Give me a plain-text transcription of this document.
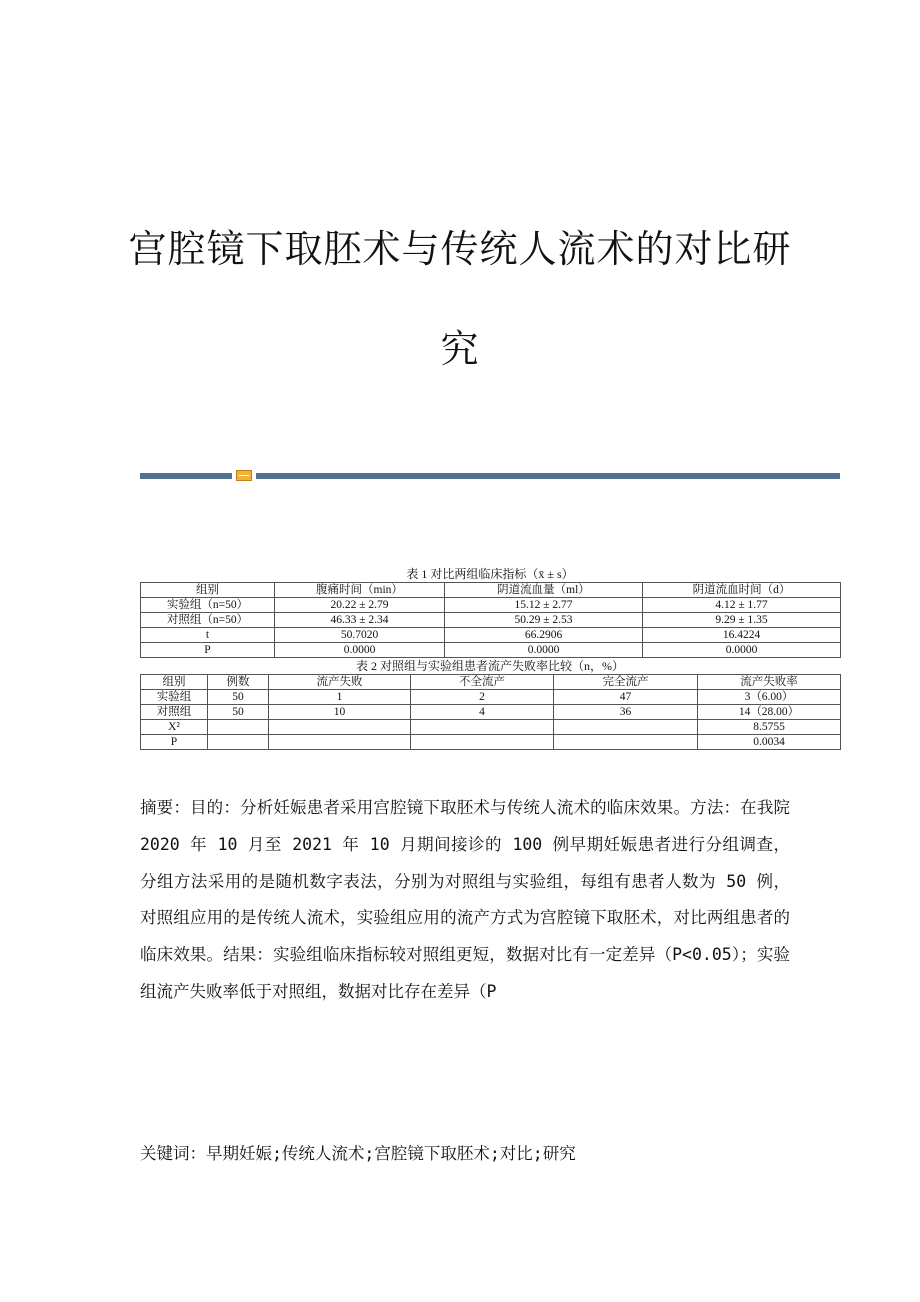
宫腔镜下取胚术与传统人流术的对比研
究
表 1 对比两组临床指标（x̄ ± s）
组别	腹痛时间（min）	阴道流血量（ml）	阴道流血时间（d）
实验组（n=50）	20.22 ± 2.79	15.12 ± 2.77	4.12 ± 1.77
对照组（n=50）	46.33 ± 2.34	50.29 ± 2.53	9.29 ± 1.35
t	50.7020	66.2906	16.4224
P	0.0000	0.0000	0.0000
表 2 对照组与实验组患者流产失败率比较（n，%）
组别	例数	流产失败	不全流产	完全流产	流产失败率
实验组	50	1	2	47	3（6.00）
对照组	50	10	4	36	14（28.00）
X²					8.5755
P					0.0034
摘要：目的：分析妊娠患者采用宫腔镜下取胚术与传统人流术的临床效果。方法：在我院 2020 年 10 月至 2021 年 10 月期间接诊的 100 例早期妊娠患者进行分组调查，分组方法采用的是随机数字表法，分别为对照组与实验组，每组有患者人数为 50 例，对照组应用的是传统人流术，实验组应用的流产方式为宫腔镜下取胚术，对比两组患者的临床效果。结果：实验组临床指标较对照组更短，数据对比有一定差异（P<0.05）；实验组流产失败率低于对照组，数据对比存在差异（P
关键词：早期妊娠;传统人流术;宫腔镜下取胚术;对比;研究
